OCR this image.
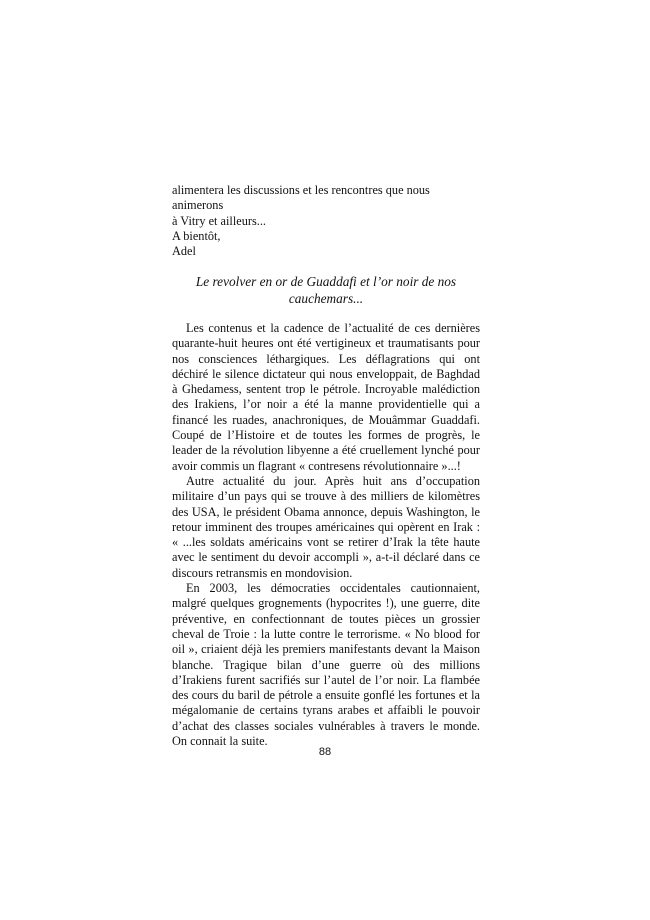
alimentera les discussions et les rencontres que nous animerons

à Vitry et ailleurs...

A bientôt,

Adel

Le revolver en or de Guaddafi et l’or noir de nos cauchemars...

Les contenus et la cadence de l’actualité de ces dernières quarante-huit heures ont été vertigineux et traumatisants pour nos consciences léthargiques. Les déflagrations qui ont déchiré le silence dictateur qui nous enveloppait, de Baghdad à Ghedamess, sentent trop le pétrole. Incroyable malédiction des Irakiens, l’or noir a été la manne providentielle qui a financé les ruades, anachroniques, de Mouâmmar Guaddafi. Coupé de l’Histoire et de toutes les formes de progrès, le leader de la révolution libyenne a été cruellement lynché pour avoir commis un flagrant « contresens révolutionnaire »...!

Autre actualité du jour. Après huit ans d’occupation militaire d’un pays qui se trouve à des milliers de kilomètres des USA, le président Obama annonce, depuis Washington, le retour imminent des troupes américaines qui opèrent en Irak : « ...les soldats américains vont se retirer d’Irak la tête haute avec le sentiment du devoir accompli », a-t-il déclaré dans ce discours retransmis en mondovision.

En 2003, les démocraties occidentales cautionnaient, malgré quelques grognements (hypocrites !), une guerre, dite préventive, en confectionnant de toutes pièces un grossier cheval de Troie : la lutte contre le terrorisme. « No blood for oil », criaient déjà les premiers manifestants devant la Maison blanche. Tragique bilan d’une guerre où des millions d’Irakiens furent sacrifiés sur l’autel de l’or noir. La flambée des cours du baril de pétrole a ensuite gonflé les fortunes et la mégalomanie de certains tyrans arabes et affaibli le pouvoir d’achat des classes sociales vulnérables à travers le monde. On connait la suite.

88
